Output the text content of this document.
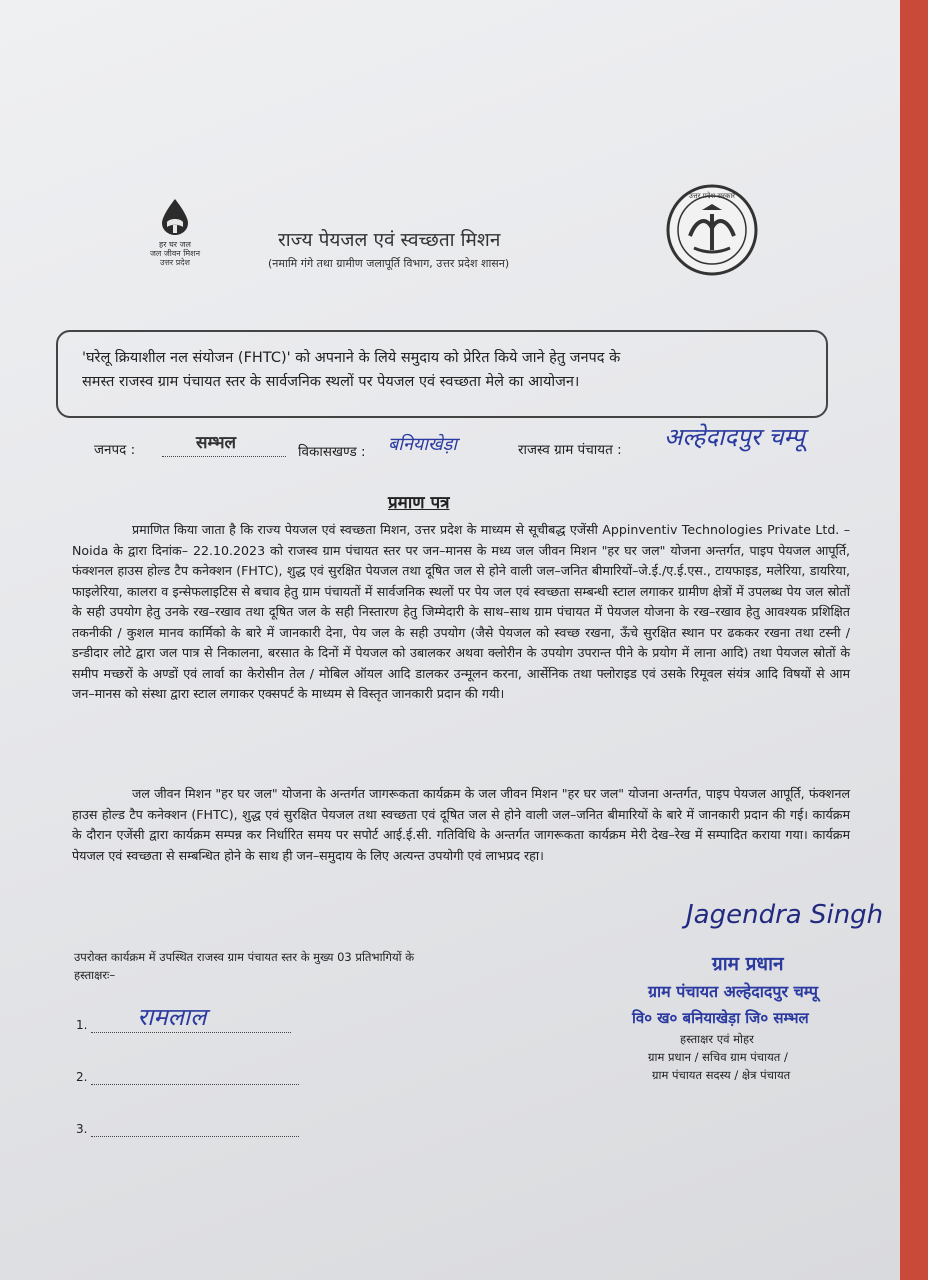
हर घर जल
जल जीवन मिशन
उत्तर प्रदेश
राज्य पेयजल एवं स्वच्छता मिशन
(नमामि गंगे तथा ग्रामीण जलापूर्ति विभाग, उत्तर प्रदेश शासन)
उत्तर प्रदेश सरकार
'घरेलू क्रियाशील नल संयोजन (FHTC)' को अपनाने के लिये समुदाय को प्रेरित किये जाने हेतु जनपद के
समस्त राजस्व ग्राम पंचायत स्तर के सार्वजनिक स्थलों पर पेयजल एवं स्वच्छता मेले का आयोजन।
जनपद :	सम्भल	विकासखण्ड : बनियाखेड़ा	राजस्व ग्राम पंचायत : अल्हेदादपुर चम्पू
प्रमाण पत्र
प्रमाणित किया जाता है कि राज्य पेयजल एवं स्वच्छता मिशन, उत्तर प्रदेश के माध्यम से सूचीबद्ध एजेंसी Appinventiv Technologies Private Ltd. – Noida के द्वारा दिनांक– 22.10.2023 को राजस्व ग्राम पंचायत स्तर पर जन–मानस के मध्य जल जीवन मिशन "हर घर जल" योजना अन्तर्गत, पाइप पेयजल आपूर्ति, फंक्शनल हाउस होल्ड टैप कनेक्शन (FHTC), शुद्ध एवं सुरक्षित पेयजल तथा दूषित जल से होने वाली जल–जनित बीमारियों–जे.ई./ए.ई.एस., टायफाइड, मलेरिया, डायरिया, फाइलेरिया, कालरा व इन्सेफलाइटिस से बचाव हेतु ग्राम पंचायतों में सार्वजनिक स्थलों पर पेय जल एवं स्वच्छता सम्बन्धी स्टाल लगाकर ग्रामीण क्षेत्रों में उपलब्ध पेय जल स्रोतों के सही उपयोग हेतु उनके रख–रखाव तथा दूषित जल के सही निस्तारण हेतु जिम्मेदारी के साथ–साथ ग्राम पंचायत में पेयजल योजना के रख–रखाव हेतु आवश्यक प्रशिक्षित तकनीकी / कुशल मानव कार्मिको के बारे में जानकारी देना, पेय जल के सही उपयोग (जैसे पेयजल को स्वच्छ रखना, ऊँचे सुरक्षित स्थान पर ढककर रखना तथा टस्नी / डन्डीदार लोटे द्वारा जल पात्र से निकालना, बरसात के दिनों में पेयजल को उबालकर अथवा क्लोरीन के उपयोग उपरान्त पीने के प्रयोग में लाना आदि) तथा पेयजल स्रोतों के समीप मच्छरों के अण्डों एवं लार्वा का केरोसीन तेल / मोबिल ऑयल आदि डालकर उन्मूलन करना, आर्सेनिक तथा फ्लोराइड एवं उसके रिमूवल संयंत्र आदि विषयों से आम जन–मानस को संस्था द्वारा स्टाल लगाकर एक्सपर्ट के माध्यम से विस्तृत जानकारी प्रदान की गयी।
जल जीवन मिशन "हर घर जल" योजना के अन्तर्गत जागरूकता कार्यक्रम के जल जीवन मिशन "हर घर जल" योजना अन्तर्गत, पाइप पेयजल आपूर्ति, फंक्शनल हाउस होल्ड टैप कनेक्शन (FHTC), शुद्ध एवं सुरक्षित पेयजल तथा स्वच्छता एवं दूषित जल से होने वाली जल–जनित बीमारियों के बारे में जानकारी प्रदान की गई। कार्यक्रम के दौरान एजेंसी द्वारा कार्यक्रम सम्पन्न कर निर्धारित समय पर सपोर्ट आई.ई.सी. गतिविधि के अन्तर्गत जागरूकता कार्यक्रम मेरी देख–रेख में सम्पादित कराया गया। कार्यक्रम पेयजल एवं स्वच्छता से सम्बन्धित होने के साथ ही जन–समुदाय के लिए अत्यन्त उपयोगी एवं लाभप्रद रहा।
Jagendra Singh
ग्राम प्रधान
ग्राम पंचायत अल्हेदादपुर चम्पू
वि० ख० बनियाखेड़ा जि० सम्भल
हस्ताक्षर एवं मोहर
ग्राम प्रधान / सचिव ग्राम पंचायत /
ग्राम पंचायत सदस्य / क्षेत्र पंचायत
उपरोक्त कार्यक्रम में उपस्थित राजस्व ग्राम पंचायत स्तर के मुख्य 03 प्रतिभागियों के
हस्ताक्षरः–
1. रामलाल

2.
3.
